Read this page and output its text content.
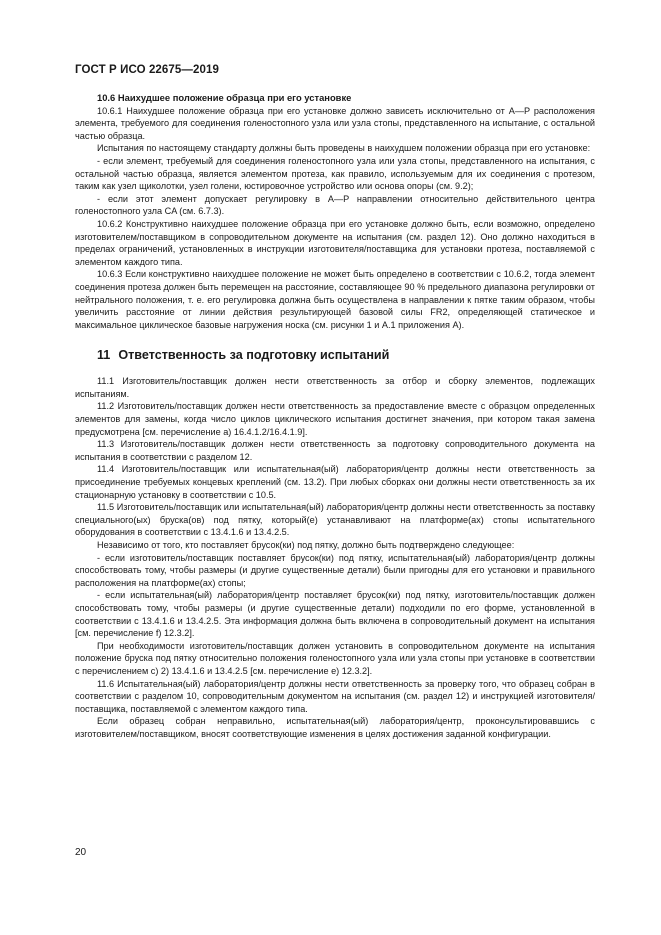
ГОСТ Р ИСО 22675—2019

10.6 Наихудшее положение образца при его установке

10.6.1 Наихудшее положение образца при его установке должно зависеть исключительно от A—P расположения элемента, требуемого для соединения голеностопного узла или узла стопы, представленного на испытание, с остальной частью образца.

Испытания по настоящему стандарту должны быть проведены в наихудшем положении образца при его установке:

- если элемент, требуемый для соединения голеностопного узла или узла стопы, представленного на испытания, с остальной частью образца, является элементом протеза, как правило, используемым для их соединения с протезом, таким как узел щиколотки, узел голени, юстировочное устройство или основа опоры (см. 9.2);

- если этот элемент допускает регулировку в A—P направлении относительно действительного центра голеностопного узла CA (см. 6.7.3).

10.6.2 Конструктивно наихудшее положение образца при его установке должно быть, если возможно, определено изготовителем/поставщиком в сопроводительном документе на испытания (см. раздел 12). Оно должно находиться в пределах ограничений, установленных в инструкции изготовителя/поставщика для установки протеза, поставляемой с элементом каждого типа.

10.6.3 Если конструктивно наихудшее положение не может быть определено в соответствии с 10.6.2, тогда элемент соединения протеза должен быть перемещен на расстояние, составляющее 90 % предельного диапазона регулировки от нейтрального положения, т. е. его регулировка должна быть осуществлена в направлении к пятке таким образом, чтобы увеличить расстояние от линии действия результирующей базовой силы FR2, определяющей статическое и максимальное циклическое базовые нагружения носка (см. рисунки 1 и A.1 приложения А).

11 Ответственность за подготовку испытаний

11.1 Изготовитель/поставщик должен нести ответственность за отбор и сборку элементов, подлежащих испытаниям.

11.2 Изготовитель/поставщик должен нести ответственность за предоставление вместе с образцом определенных элементов для замены, когда число циклов циклического испытания достигнет значения, при котором такая замена предусмотрена [см. перечисление а) 16.4.1.2/16.4.1.9].

11.3 Изготовитель/поставщик должен нести ответственность за подготовку сопроводительного документа на испытания в соответствии с разделом 12.

11.4 Изготовитель/поставщик или испытательная(ый) лаборатория/центр должны нести ответственность за присоединение требуемых концевых креплений (см. 13.2). При любых сборках они должны нести ответственность за их стационарную установку в соответствии с 10.5.

11.5 Изготовитель/поставщик или испытательная(ый) лаборатория/центр должны нести ответственность за поставку специального(ых) бруска(ов) под пятку, который(е) устанавливают на платформе(ах) стопы испытательного оборудования в соответствии с 13.4.1.6 и 13.4.2.5.

Независимо от того, кто поставляет брусок(ки) под пятку, должно быть подтверждено следующее:

- если изготовитель/поставщик поставляет брусок(ки) под пятку, испытательная(ый) лаборатория/центр должны способствовать тому, чтобы размеры (и другие существенные детали) были пригодны для его установки и правильного расположения на платформе(ах) стопы;

- если испытательная(ый) лаборатория/центр поставляет брусок(ки) под пятку, изготовитель/поставщик должен способствовать тому, чтобы размеры (и другие существенные детали) подходили по его форме, установленной в соответствии с 13.4.1.6 и 13.4.2.5. Эта информация должна быть включена в сопроводительный документ на испытания [см. перечисление f) 12.3.2].

При необходимости изготовитель/поставщик должен установить в сопроводительном документе на испытания положение бруска под пятку относительно положения голеностопного узла или узла стопы при установке в соответствии с перечислением с) 2) 13.4.1.6 и 13.4.2.5 [см. перечисление е) 12.3.2].

11.6 Испытательная(ый) лаборатория/центр должны нести ответственность за проверку того, что образец собран в соответствии с разделом 10, сопроводительным документом на испытания (см. раздел 12) и инструкцией изготовителя/поставщика, поставляемой с элементом каждого типа.

Если образец собран неправильно, испытательная(ый) лаборатория/центр, проконсультировавшись с изготовителем/поставщиком, вносят соответствующие изменения в целях достижения заданной конфигурации.

20
